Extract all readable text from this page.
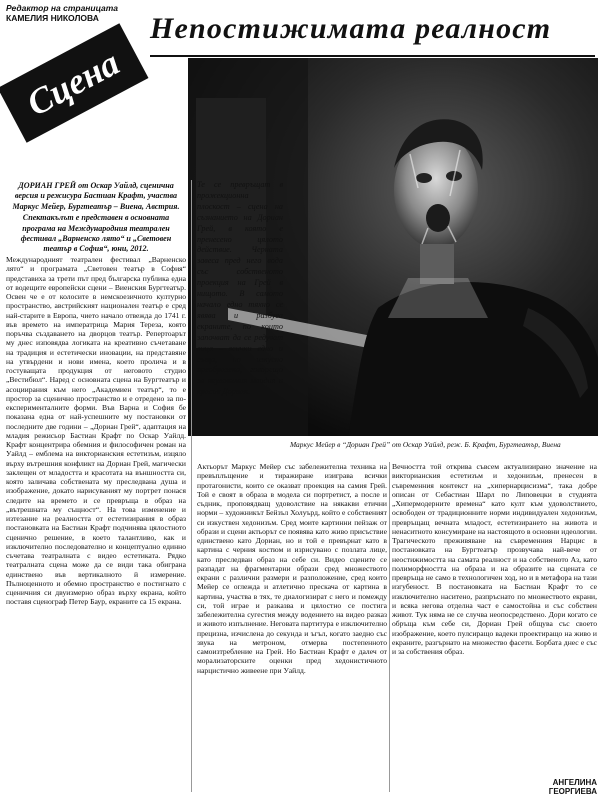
Редактор на страницата
КАМЕЛИЯ НИКОЛОВА
Сцена
Непостижимата реалност
Маркус Мейер в “Дориан Грей” от Оскар Уайлд, реж. Б. Крафт, Бургтеатър, Виена
ДОРИАН ГРЕЙ от Оскар Уайлд, сценична версия и режисура Бастиан Крафт, участва Маркус Мейер, Бургтеатър – Виена, Австрия.
Спектакълът е представен в основната програма на Международния театрален фестивал „Варненско лято“ и „Световен театър в София“, юни, 2012.
Международният театрален фестивал „Варненско лято“ и програмата „Световен театър в София“ представиха за трети път пред българска публика една от водещите европейски сцени – Виенския Бургтеатър. Освен че е от колосите в немскоезичното културно пространство, австрийският национален театър е сред най-старите в Европа, чието начало отвежда до 1741 г. във времето на императрица Мария Тереза, която поръчва създаването на дворцов театър. Репертоарът му днес изповядва логиката на креативно съчетаване на традиция и естетически иновации, на представяне на утвърдени и нови имена, което пролича и в гостуващата продукция от неговото студио „Вестибюл“. Наред с основната сцена на Бургтеатър и асоциирания към него „Академиен театър“, то е простор за сценично пространство и е отредено за по-експерименталните форми. Във Варна и София бе показана една от най-успешните му постановки от последните две години – „Дориан Грей“, адаптация на младия режисьор Бастиан Крафт по Оскар Уайлд. Крафт концентрира обемния и философичен роман на Уайлд – емблема на викторианския естетизъм, изцяло върху вътрешния конфликт на Дориан Грей, магически заклещен от младостта и красотата на външността си, която заличава собствената му преследвана душа и изображение, докато нарисуваният му портрет понася следите на времето и се превръща в образ на „вътрешната му същност“. На това изменение и изтезание на реалността от естетизирания в образ постановката на Бастиан Крафт подчинява цялостното сценично решение, в което талантливо, как и изключително последователно и концептуално единно съчетава театралната с видео естетиката. Рядко театралната сцена може да се види така обиграна единствено във вертикалното й измерение. Пълноценното и обемно пространство е постигнато с сценичния си двуизмерно образ върху екрана, който поставя сценограф Петер Баур, екраните са 15 екрана.
Те се превръщат в прожекционна плоскост – сцена на съзнанието на Дориан Грей, в която е пренесено цялото действие. Черната завеса пред него вода със собственото проекция на Грей в нищото. В самото начало едно тяхно се явява и разбува екраните, по които започват да се редуват лица – всички едно и също, но изкусно преобразено, говорещо за неуловимия младия и красив Дориан.
Актьорът Маркус Мейер със забележителна техника на превъплъщение и тиражиране изиграва всички протагонисти, които се оказват проекция на самия Грей. Той е своят в образа в модела си портретист, а после и съдник, проповядващ удоволствие на някакви етични норми – художникът Бейзъл Холуърд, който е собственият си изкуствен хедонизъм. Сред моите картинни пейзаж от образи и сцени актьорът се появява като живо присъствие единствено като Дориан, но и той е превърнат като в картина с черния костюм и изрисувано с позлата лице, като преследван образ на себе си. Видео сцените се разпадат на фрагментарни образи сред множеството екрани с различни размери и разположение, сред които Мейер се оглежда и атлетично прескача от картина в картина, участва в тях, те диалогизират с него и помежду си, той играе и разказва и цялостно се постига забележителна сугестия между водението на видео разказ и живото изпълнение. Неговата партитура е изключително прецизна, изчислена до секунда и ъгъл, когато заедно със звука на метроном, отмерва постепенното самоизтребление на Грей. Но Бастиан Крафт е далеч от морализаторските оценки пред хедонистичното нарцистично живеене при Уайлд.
Вечността той открива съвсем актуализирано значение на викторианския естетизъм и хедонизъм, пренесен в съвременния контекст на „хипернарцисизма“, така добре описан от Себастиан Шарл по Липовецки в студията „Хипермодерните времена“ като култ към удоволствието, освободен от традиционните норми индивидуален хедонизъм, превръщащ вечната младост, естетизирането на живота и ненаситното консумиране на настоящото в основни идеологии. Трагическото преживяване на съвременния Нарцис в постановката на Бургтеатър прозвучава най-вече от неостижимостта на самата реалност и на собственото Аз, като полиморфността на образа и на образите на сцената се превръща не само в технологичен ход, но и в метафора на тази изгубеност. В постановката на Бастиан Крафт то се изключително наситено, разпръснато по множеството екрани, и всяка негова отделна част е самостойна и със собствен живот. Тук няма не се случва неопосредствено. Дори когато се обръща към себе си, Дориан Грей общува със своето изображение, което пулсиращо вадеки проектиращо на живо и екраните, разгърнато на множество фасети. Борбата днес е със и за собствения образ.
АНГЕЛИНА ГЕОРГИЕВА
